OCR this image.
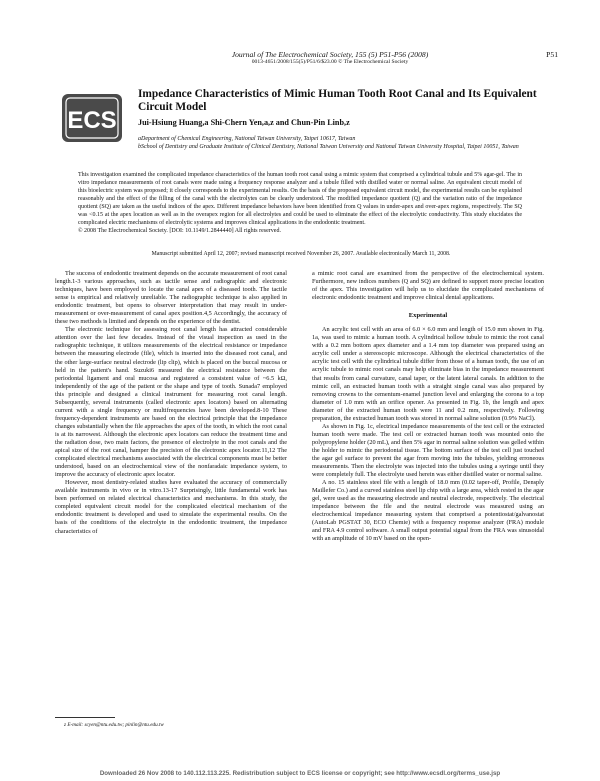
Journal of The Electrochemical Society, 155 (5) P51-P56 (2008)
0013-4651/2008/155(5)/P51/6/$23.00 © The Electrochemical Society
P51
ECS
Impedance Characteristics of Mimic Human Tooth Root Canal and Its Equivalent Circuit Model
Jui-Hsiung Huang,a Shi-Chern Yen,a,z and Chun-Pin Linb,z
aDepartment of Chemical Engineering, National Taiwan University, Taipei 10617, Taiwan
bSchool of Dentistry and Graduate Institute of Clinical Dentistry, National Taiwan University and National Taiwan University Hospital, Taipei 10051, Taiwan

This investigation examined the complicated impedance characteristics of the human tooth root canal using a mimic system that comprised a cylindrical tubule and 5% agar-gel. The in vitro impedance measurements of root canals were made using a frequency response analyzer and a tubule filled with distilled water or normal saline. An equivalent circuit model of this bioelectric system was proposed; it closely corresponds to the experimental results. On the basis of the proposed equivalent circuit model, the experimental results can be explained reasonably and the effect of the filling of the canal with the electrolytes can be clearly understood. The modified impedance quotient (Q) and the variation ratio of the impedance quotient (SQ) are taken as the useful indices of the apex. Different impedance behaviors have been identified from Q values in under-apex and over-apex regions, respectively. The SQ was <0.15 at the apex location as well as in the overapex region for all electrolytes and could be used to eliminate the effect of the electrolytic conductivity. This study elucidates the complicated electric mechanisms of electrolytic systems and improves clinical applications in the endodontic treatment.

© 2008 The Electrochemical Society. [DOI: 10.1149/1.2844440] All rights reserved.

Manuscript submitted April 12, 2007; revised manuscript received November 26, 2007. Available electronically March 11, 2008.

The success of endodontic treatment depends on the accurate measurement of root canal length.1-3 various approaches, such as tactile sense and radiographic and electronic techniques, have been employed to locate the canal apex of a diseased tooth. The tactile sense is empirical and relatively unreliable. The radiographic technique is also applied in endodontic treatment, but opens to observer interpretation that may result in under-measurement or over-measurement of canal apex position.4,5 Accordingly, the accuracy of these two methods is limited and depends on the experience of the dentist.

The electronic technique for assessing root canal length has attracted considerable attention over the last few decades. Instead of the visual inspection as used in the radiographic technique, it utilizes measurements of the electrical resistance or impedance between the measuring electrode (file), which is inserted into the diseased root canal, and the other large-surface neutral electrode (lip clip), which is placed on the buccal mucosa or held in the patient's hand. Suzuki6 measured the electrical resistance between the periodontal ligament and oral mucosa and registered a consistent value of ~6.5 kΩ, independently of the age of the patient or the shape and type of tooth. Sunada7 employed this principle and designed a clinical instrument for measuring root canal length. Subsequently, several instruments (called electronic apex locators) based on alternating current with a single frequency or multifrequencies have been developed.8-10 These frequency-dependent instruments are based on the electrical principle that the impedance changes substantially when the file approaches the apex of the tooth, in which the root canal is at its narrowest. Although the electronic apex locators can reduce the treatment time and the radiation dose, two main factors, the presence of electrolyte in the root canals and the apical size of the root canal, hamper the precision of the electronic apex locator.11,12 The complicated electrical mechanisms associated with the electrical components must be better understood, based on an electrochemical view of the nonfaradaic impedance system, to improve the accuracy of electronic apex locator.

However, most dentistry-related studies have evaluated the accuracy of commercially available instruments in vivo or in vitro.13-17 Surprisingly, little fundamental work has been performed on related electrical characteristics and mechanisms. In this study, the completed equivalent circuit model for the complicated electrical mechanism of the endodontic treatment is developed and used to simulate the experimental results. On the basis of the conditions of the electrolyte in the endodontic treatment, the impedance characteristics of

a mimic root canal are examined from the perspective of the electrochemical system. Furthermore, new indices numbers (Q and SQ) are defined to support more precise location of the apex. This investigation will help us to elucidate the complicated mechanisms of electronic endodontic treatment and improve clinical dental applications.

Experimental

An acrylic test cell with an area of 6.0 × 6.0 mm and length of 15.0 mm shown in Fig. 1a, was used to mimic a human tooth. A cylindrical hollow tubule to mimic the root canal with a 0.2 mm bottom apex diameter and a 1.4 mm top diameter was prepared using an acrylic cell under a stereoscopic microscope. Although the electrical characteristics of the acrylic test cell with the cylindrical tubule differ from those of a human tooth, the use of an acrylic tubule to mimic root canals may help eliminate bias in the impedance measurement that results from canal curvature, canal taper, or the latent lateral canals. In addition to the mimic cell, an extracted human tooth with a straight single canal was also prepared by removing crowns to the cementum-enamel junction level and enlarging the corona to a top diameter of 1.0 mm with an orifice opener. As presented in Fig. 1b, the length and apex diameter of the extracted human tooth were 11 and 0.2 mm, respectively. Following preparation, the extracted human tooth was stored in normal saline solution (0.9% NaCl).

As shown in Fig. 1c, electrical impedance measurements of the test cell or the extracted human tooth were made. The test cell or extracted human tooth was mounted onto the polypropylene holder (20 mL), and then 5% agar in normal saline solution was gelled within the holder to mimic the periodontal tissue. The bottom surface of the test cell just touched the agar gel surface to prevent the agar from moving into the tubules, yielding erroneous measurements. Then the electrolyte was injected into the tubules using a syringe until they were completely full. The electrolyte used herein was either distilled water or normal saline.

A no. 15 stainless steel file with a length of 18.0 mm (0.02 taper-off, Profile, Densply Maillefer Co.) and a curved stainless steel lip chip with a large area, which rested in the agar gel, were used as the measuring electrode and neutral electrode, respectively. The electrical impedance between the file and the neutral electrode was measured using an electrochemical impedance measuring system that comprised a potentiostat/galvanostat (AutoLab PGSTAT 30, ECO Chemie) with a frequency response analyzer (FRA) module and FRA 4.9 control software. A small output potential signal from the FRA was sinusoidal with an amplitude of 10 mV based on the open-

z E-mail: scyen@ntu.edu.tw; pinlin@ntu.edu.tw
Downloaded 26 Nov 2008 to 140.112.113.225. Redistribution subject to ECS license or copyright; see http://www.ecsdl.org/terms_use.jsp
